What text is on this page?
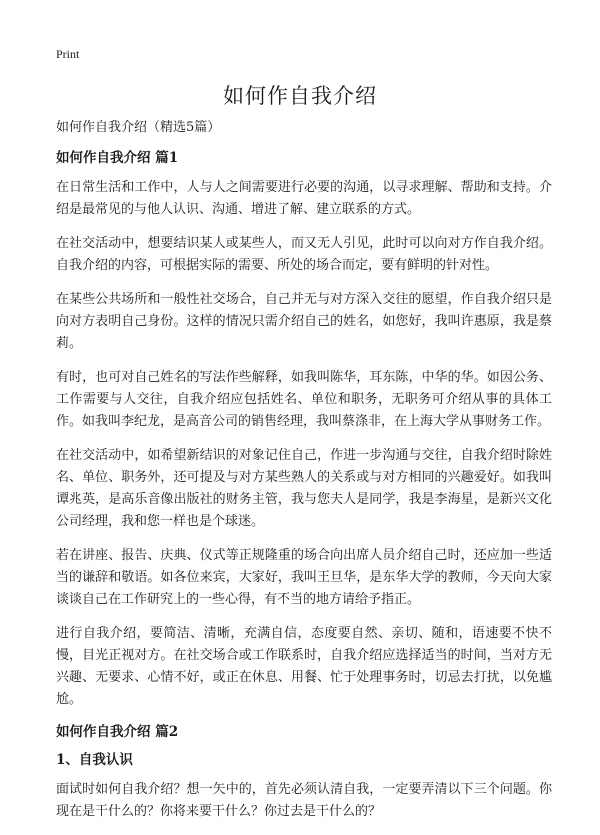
Print
如何作自我介绍

如何作自我介绍（精选5篇）

如何作自我介绍 篇1

在日常生活和工作中，人与人之间需要进行必要的沟通，以寻求理解、帮助和支持。介绍是最常见的与他人认识、沟通、增进了解、建立联系的方式。

在社交活动中，想要结识某人或某些人，而又无人引见，此时可以向对方作自我介绍。自我介绍的内容，可根据实际的需要、所处的场合而定，要有鲜明的针对性。

在某些公共场所和一般性社交场合，自己并无与对方深入交往的愿望，作自我介绍只是向对方表明自己身份。这样的情况只需介绍自己的姓名，如您好，我叫许惠原，我是蔡莉。

有时，也可对自己姓名的写法作些解释，如我叫陈华，耳东陈，中华的华。如因公务、工作需要与人交往，自我介绍应包括姓名、单位和职务，无职务可介绍从事的具体工作。如我叫李纪龙，是高音公司的销售经理，我叫蔡涤非，在上海大学从事财务工作。

在社交活动中，如希望新结识的对象记住自己，作进一步沟通与交往，自我介绍时除姓名、单位、职务外，还可提及与对方某些熟人的关系或与对方相同的兴趣爱好。如我叫谭兆英，是高乐音像出版社的财务主管，我与您夫人是同学，我是李海星，是新兴文化公司经理，我和您一样也是个球迷。

若在讲座、报告、庆典、仪式等正规隆重的场合向出席人员介绍自己时，还应加一些适当的谦辞和敬语。如各位来宾，大家好，我叫王旦华，是东华大学的教师，今天向大家谈谈自己在工作研究上的一些心得，有不当的地方请给予指正。

进行自我介绍，要简洁、清晰，充满自信，态度要自然、亲切、随和，语速要不快不慢，目光正视对方。在社交场合或工作联系时，自我介绍应选择适当的时间，当对方无兴趣、无要求、心情不好，或正在休息、用餐、忙于处理事务时，切忌去打扰，以免尴尬。

如何作自我介绍 篇2
1、自我认识

面试时如何自我介绍？想一矢中的，首先必须认清自我，一定要弄清以下三个问题。你现在是干什么的？你将来要干什么？你过去是干什么的？
